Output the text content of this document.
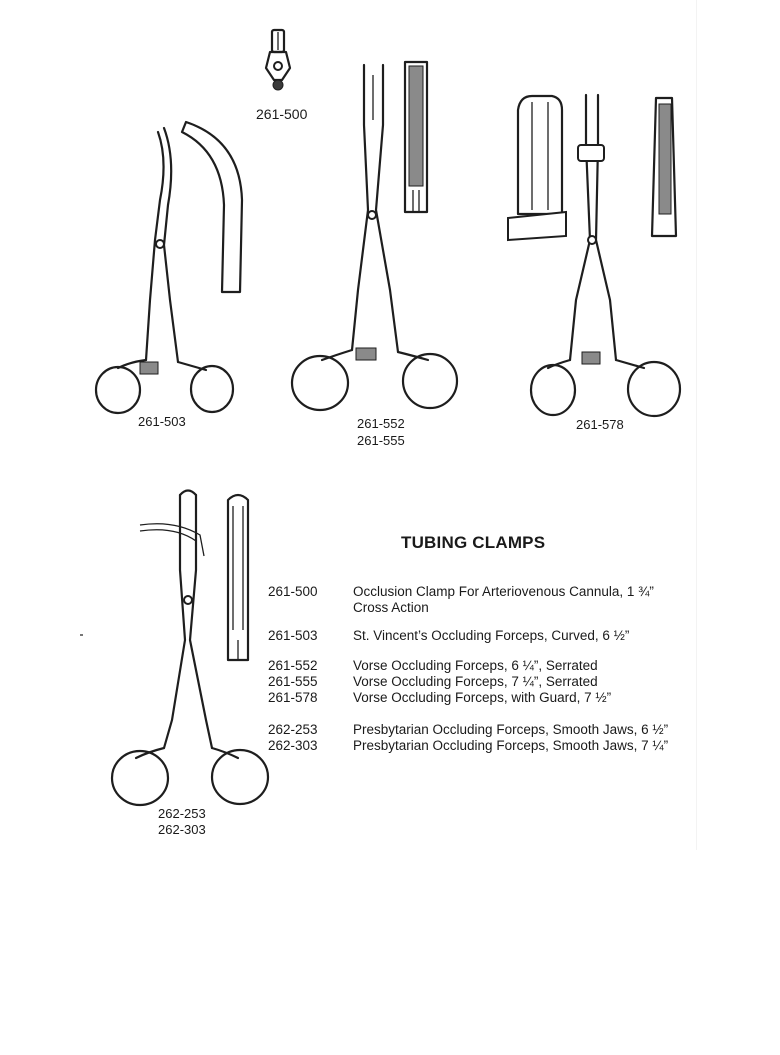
261-500
261-503	261-552
261-555
261-578
262-253
262-303
TUBING CLAMPS
261-500	Occlusion Clamp For Arteriovenous Cannula, 1 ¾”
Cross Action
261-503	St. Vincent’s Occluding Forceps, Curved, 6 ½”
261-552	Vorse Occluding Forceps, 6 ¼”, Serrated
261-555	Vorse Occluding Forceps, 7 ¼”, Serrated
261-578	Vorse Occluding Forceps, with Guard, 7 ½”
262-253	Presbytarian Occluding Forceps, Smooth Jaws, 6 ½”
262-303	Presbytarian Occluding Forceps, Smooth Jaws, 7 ¼”
